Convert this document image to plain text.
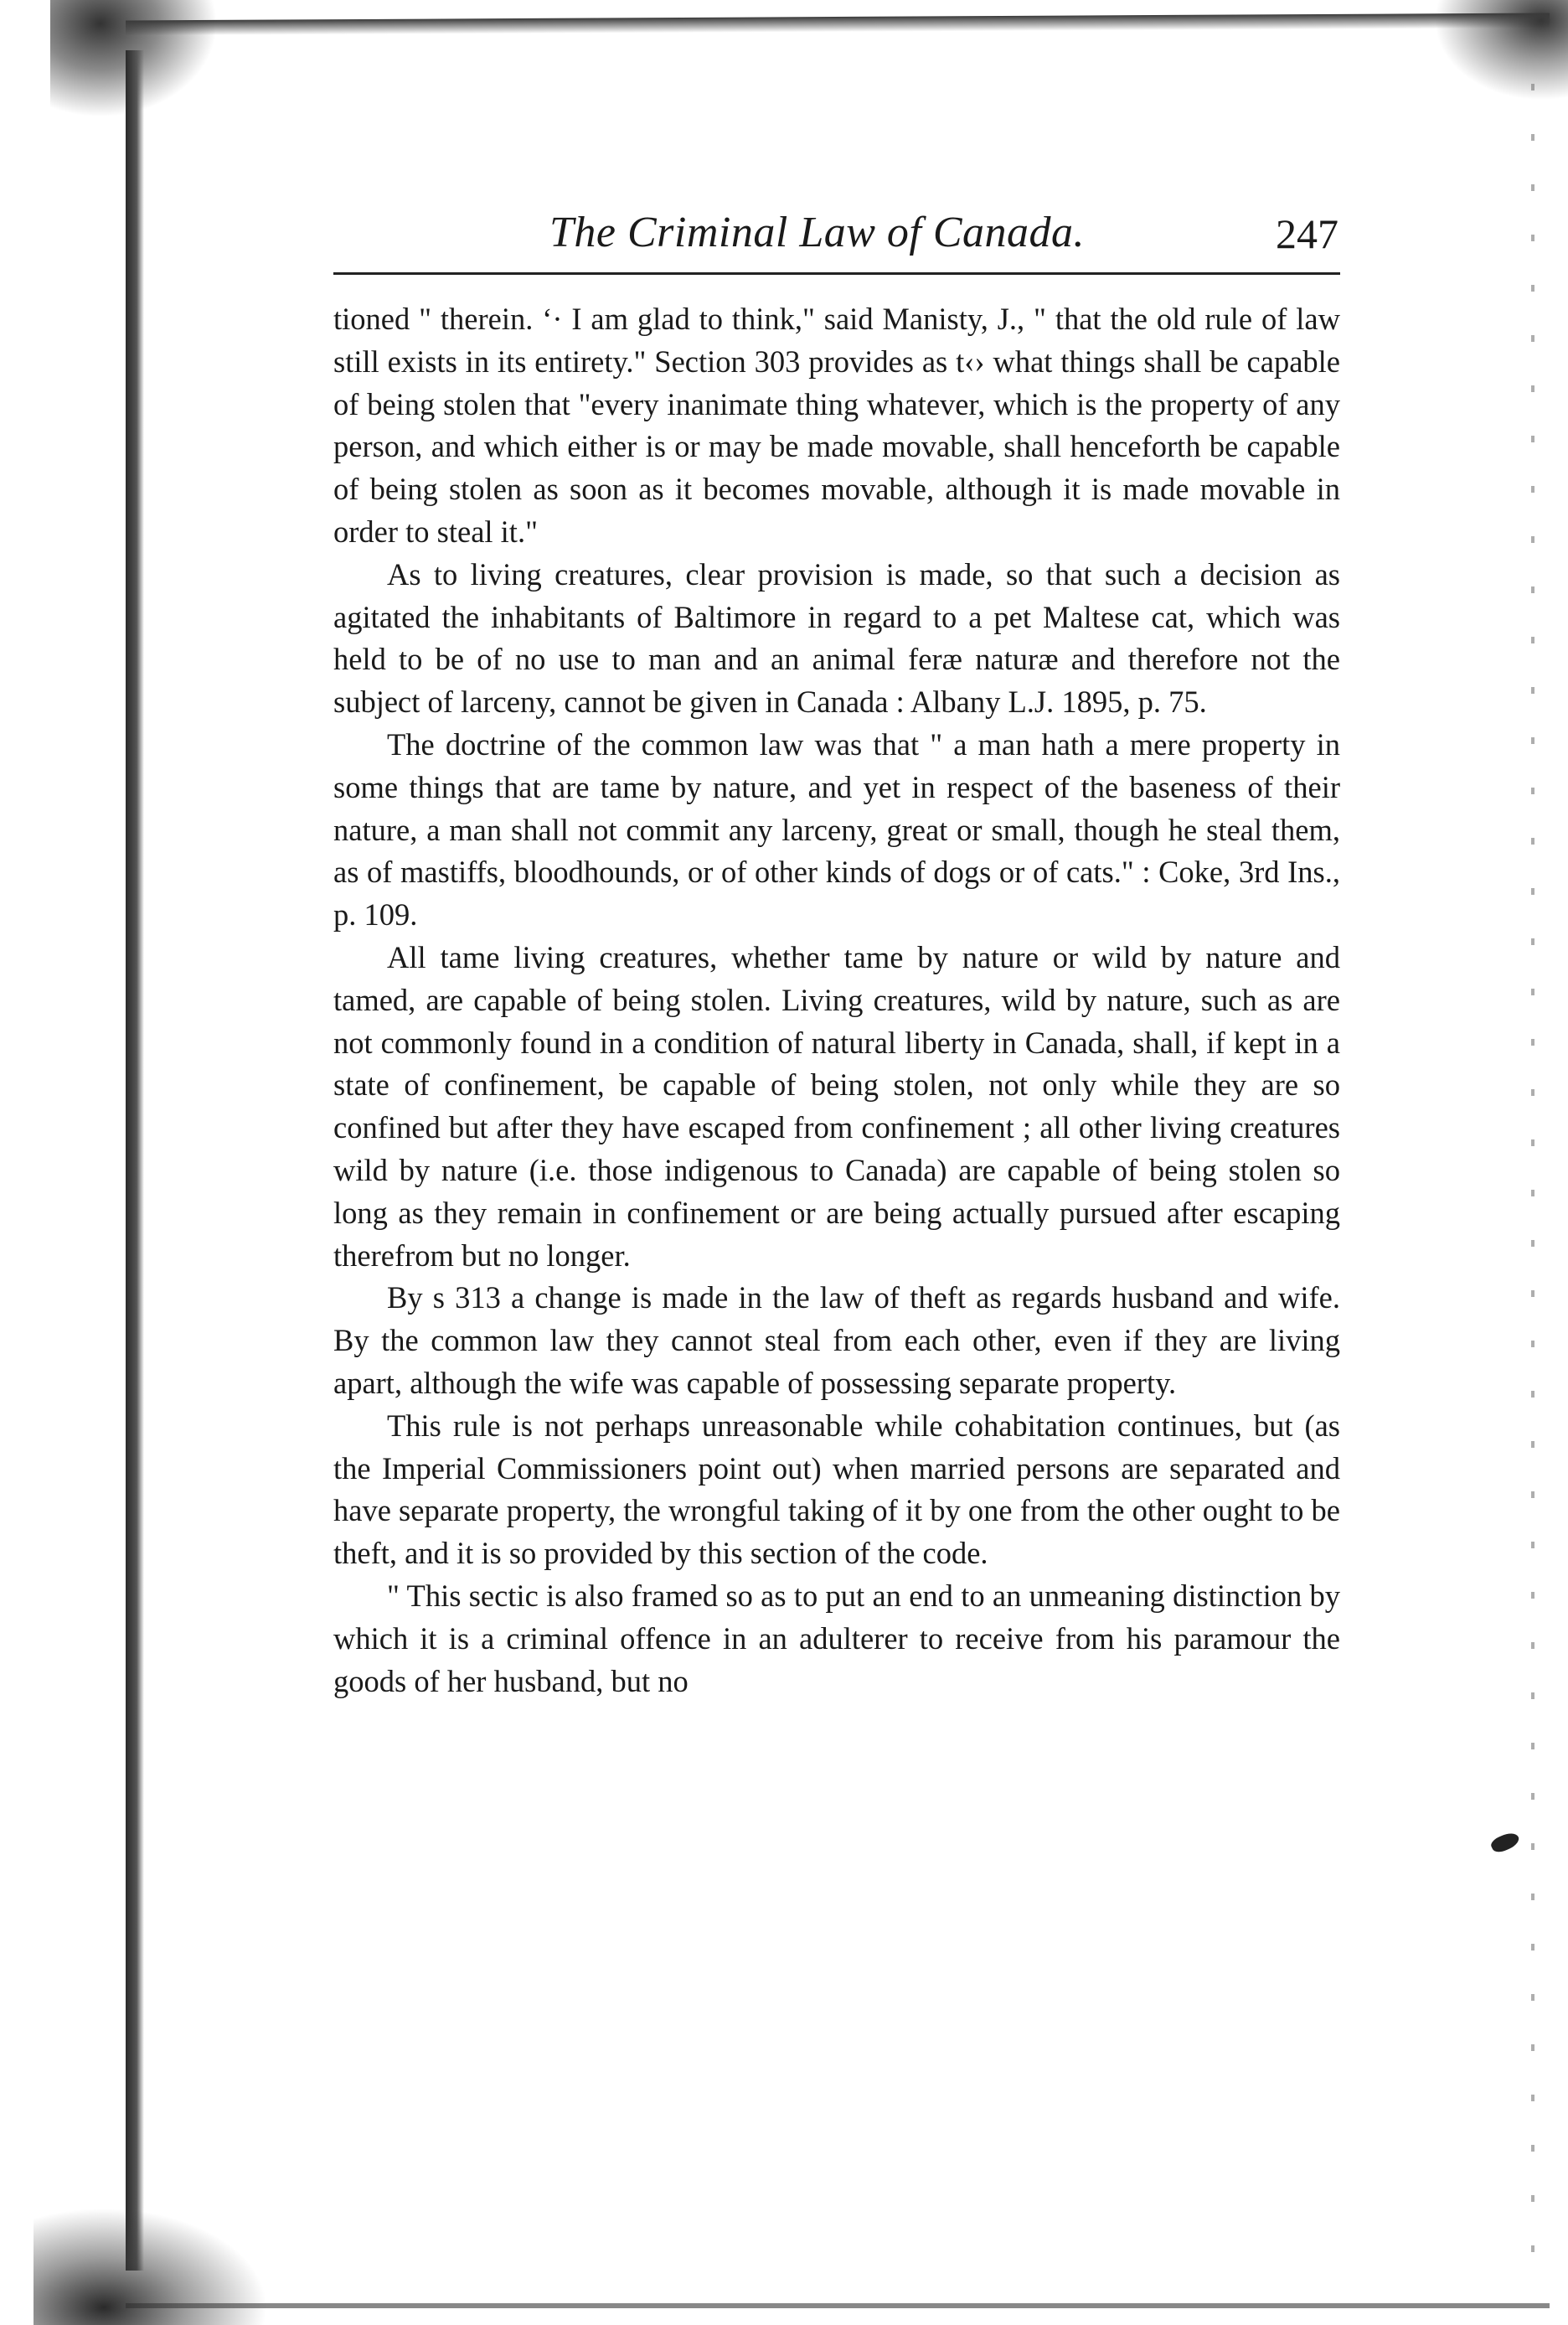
The Criminal Law of Canada.	247

tioned " therein. ‘· I am glad to think," said Manisty, J., " that the old rule of law still exists in its entirety." Section 303 provides as t‹› what things shall be capable of being stolen that "every inanimate thing whatever, which is the property of any person, and which either is or may be made movable, shall henceforth be capable of being stolen as soon as it becomes movable, although it is made movable in order to steal it."

As to living creatures, clear provision is made, so that such a decision as agitated the inhabitants of Baltimore in regard to a pet Maltese cat, which was held to be of no use to man and an animal feræ naturæ and therefore not the subject of larceny, cannot be given in Canada : Albany L.J. 1895, p. 75.

The doctrine of the common law was that " a man hath a mere property in some things that are tame by nature, and yet in respect of the baseness of their nature, a man shall not commit any larceny, great or small, though he steal them, as of mastiffs, bloodhounds, or of other kinds of dogs or of cats." : Coke, 3rd Ins., p. 109.

All tame living creatures, whether tame by nature or wild by nature and tamed, are capable of being stolen. Living creatures, wild by nature, such as are not commonly found in a condition of natural liberty in Canada, shall, if kept in a state of confinement, be capable of being stolen, not only while they are so confined but after they have escaped from confinement ; all other living creatures wild by nature (i.e. those indigenous to Canada) are capable of being stolen so long as they remain in confinement or are being actually pursued after escaping therefrom but no longer.

By s 313 a change is made in the law of theft as regards husband and wife. By the common law they cannot steal from each other, even if they are living apart, although the wife was capable of possessing separate property.

This rule is not perhaps unreasonable while cohabitation continues, but (as the Imperial Commissioners point out) when married persons are separated and have separate property, the wrongful taking of it by one from the other ought to be theft, and it is so provided by this section of the code.

" This sectic is also framed so as to put an end to an unmeaning distinction by which it is a criminal offence in an adulterer to receive from his paramour the goods of her husband, but no
